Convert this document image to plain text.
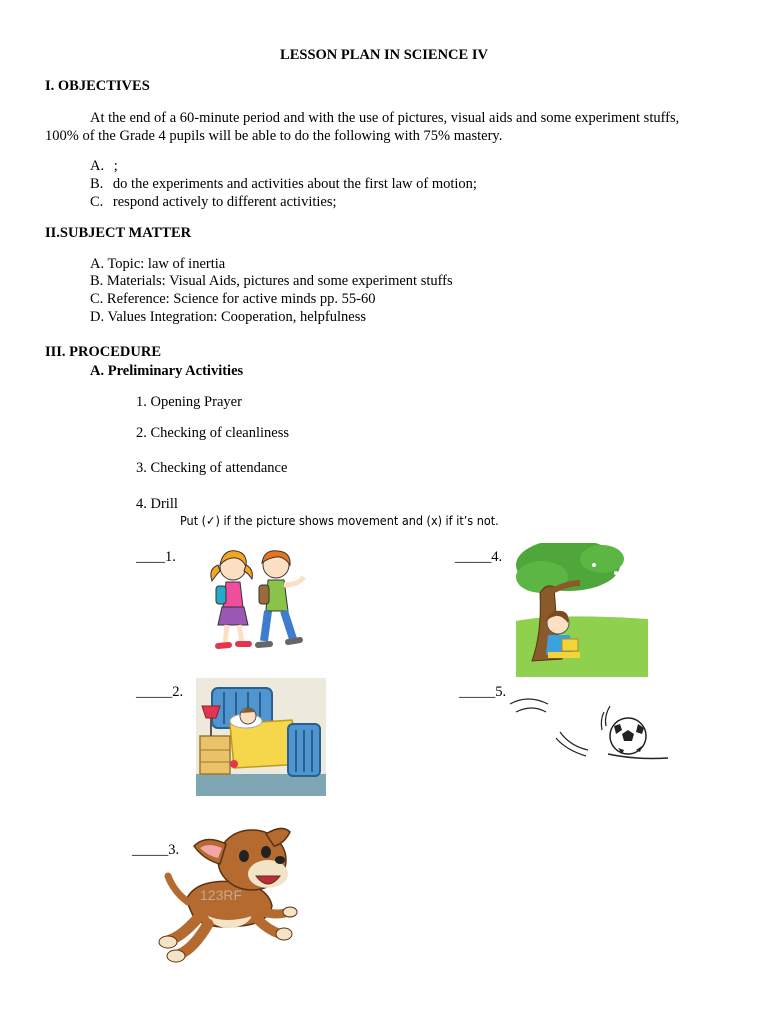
LESSON PLAN IN SCIENCE IV
I. OBJECTIVES
At the end of a 60-minute period and with the use of pictures, visual aids and some experiment stuffs, 100% of the Grade 4 pupils will be able to do the following with 75% mastery.
A. ;
B. do the experiments and activities about the first law of motion;
C. respond actively to different activities;
II.SUBJECT MATTER
A. Topic: law of inertia
B. Materials: Visual Aids, pictures and some experiment stuffs
C. Reference: Science for active minds pp. 55-60
D. Values Integration: Cooperation, helpfulness
III. PROCEDURE
A. Preliminary Activities
1. Opening Prayer
2. Checking of cleanliness
3. Checking of attendance
4. Drill
Put (✓) if the picture shows movement and (x) if it’s not.
____1.
_____2.
_____3.
_____4.
_____5.
123RF
